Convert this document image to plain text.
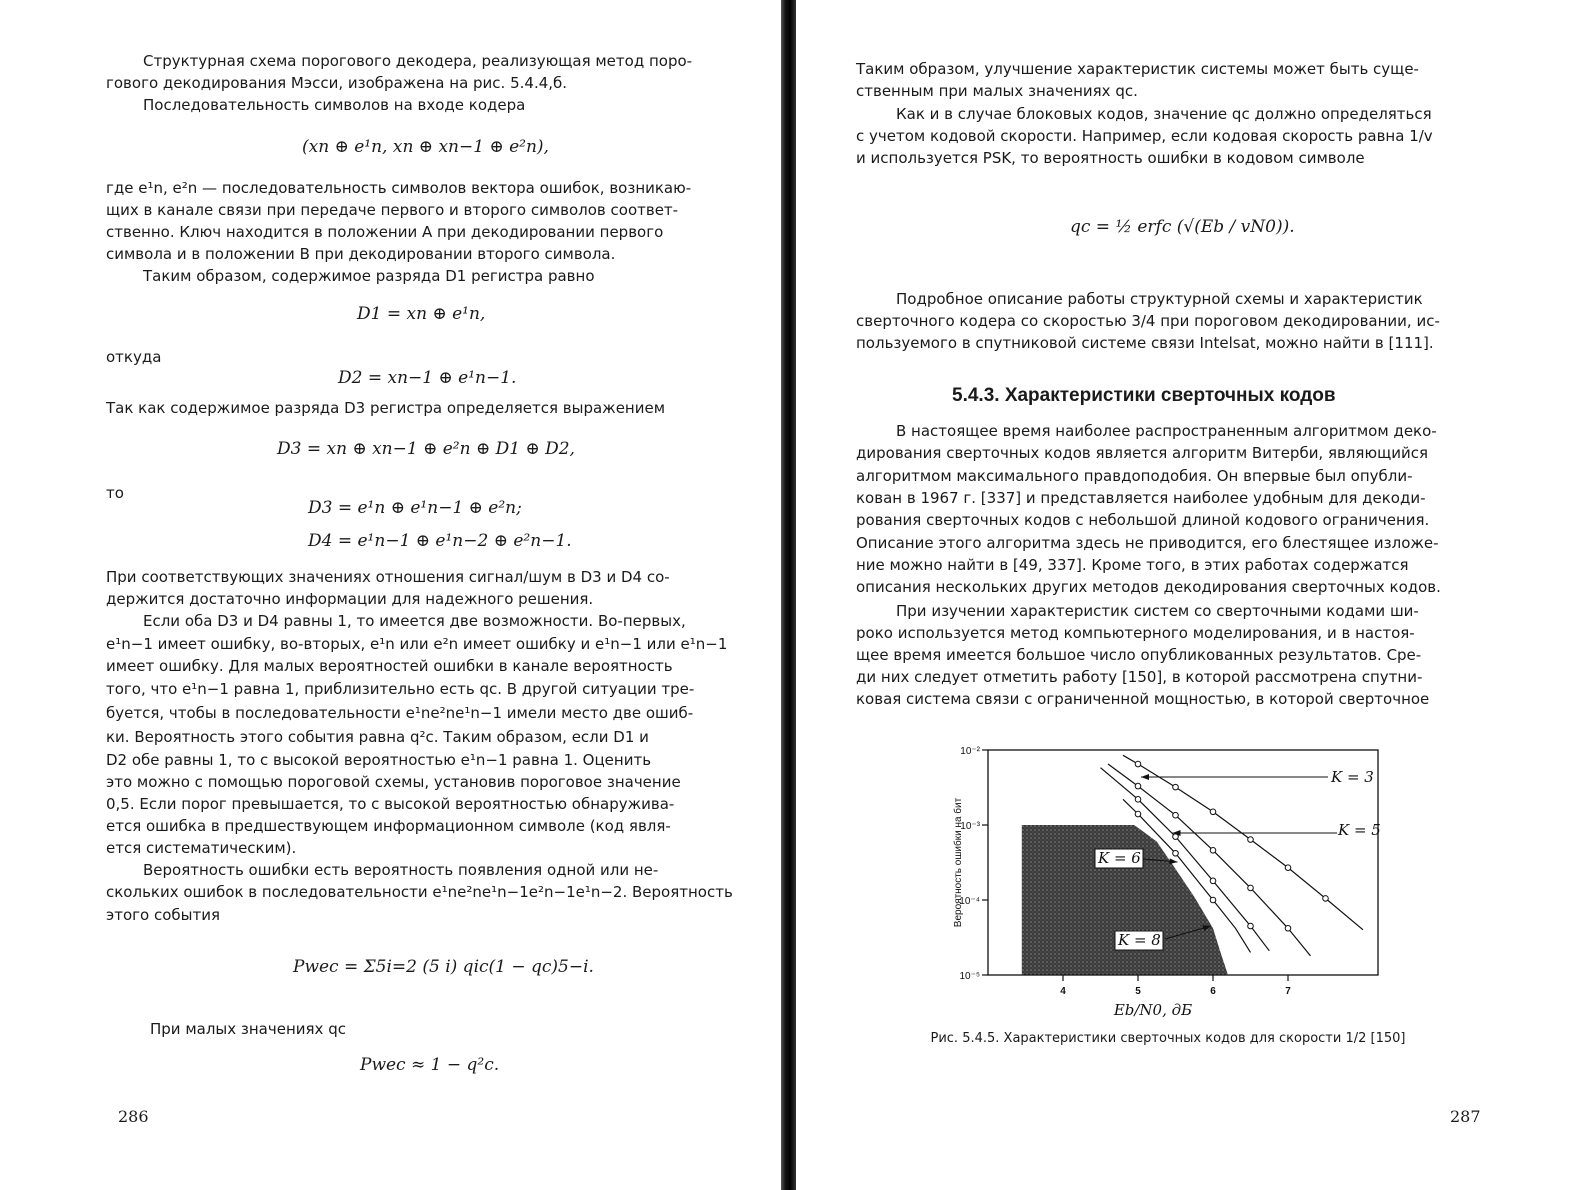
Структурная схема порогового декодера, реализующая метод поро-

гового декодирования Мэсси, изображена на рис. 5.4.4,б.

Последовательность символов на входе кодера

(xn ⊕ e¹n, xn ⊕ xn−1 ⊕ e²n),

где e¹n, e²n — последовательность символов вектора ошибок, возникаю-

щих в канале связи при передаче первого и второго символов соответ-

ственно. Ключ находится в положении A при декодировании первого

символа и в положении B при декодировании второго символа.

Таким образом, содержимое разряда D1 регистра равно

D1 = xn ⊕ e¹n,

откуда

D2 = xn−1 ⊕ e¹n−1.

Так как содержимое разряда D3 регистра определяется выражением

D3 = xn ⊕ xn−1 ⊕ e²n ⊕ D1 ⊕ D2,

то

D3 = e¹n ⊕ e¹n−1 ⊕ e²n;

D4 = e¹n−1 ⊕ e¹n−2 ⊕ e²n−1.

При соответствующих значениях отношения сигнал/шум в D3 и D4 со-

держится достаточно информации для надежного решения.

Если оба D3 и D4 равны 1, то имеется две возможности. Во-первых,

e¹n−1 имеет ошибку, во-вторых, e¹n или e²n имеет ошибку и e¹n−1 или e¹n−1

имеет ошибку. Для малых вероятностей ошибки в канале вероятность

того, что e¹n−1 равна 1, приблизительно есть qc. В другой ситуации тре-

буется, чтобы в последовательности e¹ne²ne¹n−1 имели место две ошиб-

ки. Вероятность этого события равна q²c. Таким образом, если D1 и

D2 обе равны 1, то с высокой вероятностью e¹n−1 равна 1. Оценить

это можно с помощью пороговой схемы, установив пороговое значение

0,5. Если порог превышается, то с высокой вероятностью обнаружива-

ется ошибка в предшествующем информационном символе (код явля-

ется систематическим).

Вероятность ошибки есть вероятность появления одной или не-

скольких ошибок в последовательности e¹ne²ne¹n−1e²n−1e¹n−2. Вероятность

этого события

Pwec = Σ5i=2 (5 i) qic(1 − qc)5−i.

При малых значениях qc

Pwec ≈ 1 − q²c.

286

Таким образом, улучшение характеристик системы может быть суще-

ственным при малых значениях qc.

Как и в случае блоковых кодов, значение qc должно определяться

с учетом кодовой скорости. Например, если кодовая скорость равна 1/v

и используется PSK, то вероятность ошибки в кодовом символе

qc = ½ erfc (√(Eb / vN0)).

Подробное описание работы структурной схемы и характеристик

сверточного кодера со скоростью 3/4 при пороговом декодировании, ис-

пользуемого в спутниковой системе связи Intelsat, можно найти в [111].

5.4.3. Характеристики сверточных кодов

В настоящее время наиболее распространенным алгоритмом деко-

дирования сверточных кодов является алгоритм Витерби, являющийся

алгоритмом максимального правдоподобия. Он впервые был опубли-

кован в 1967 г. [337] и представляется наиболее удобным для декоди-

рования сверточных кодов с небольшой длиной кодового ограничения.

Описание этого алгоритма здесь не приводится, его блестящее изложе-

ние можно найти в [49, 337]. Кроме того, в этих работах содержатся

описания нескольких других методов декодирования сверточных кодов.

При изучении характеристик систем со сверточными кодами ши-

роко используется метод компьютерного моделирования, и в настоя-

щее время имеется большое число опубликованных результатов. Сре-

ди них следует отметить работу [150], в которой рассмотрена спутни-

ковая система связи с ограниченной мощностью, в которой сверточное

10⁻²
10⁻³
10⁻⁴
10⁻⁵
4	5	6	7
Eb/N0, дБ
Вероятность ошибки на бит
K = 3
K = 5
K = 6
K = 8

Рис. 5.4.5. Характеристики сверточных кодов для скорости 1/2 [150]

287
